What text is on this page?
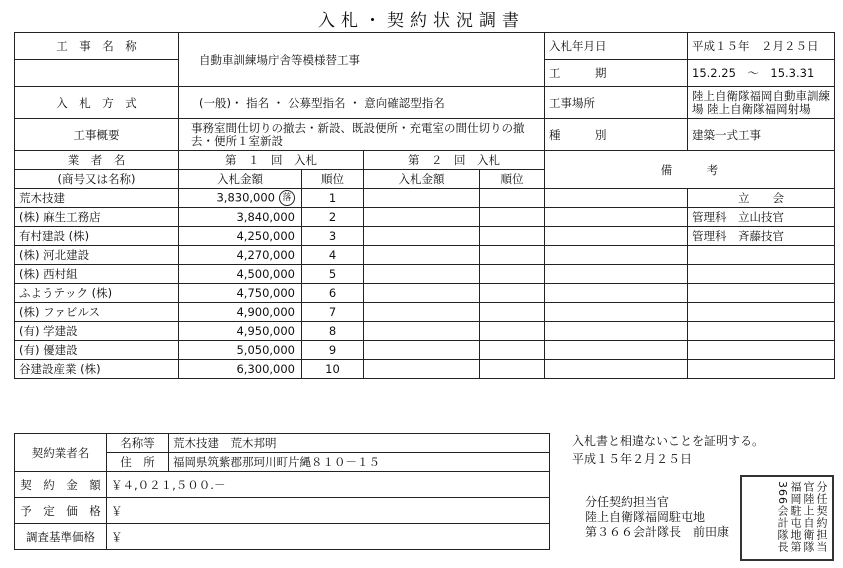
入札・契約状況調書
工　事　名　称	自動車訓練場庁舎等模様替工事				入札年月日	平成１５年　２月２５日
					工　　　期	15.2.25　～　15.3.31
入　札　方　式	(一般)・ 指名 ・ 公募型指名 ・ 意向確認型指名				工事場所	陸上自衛隊福岡自動車訓練場 陸上自衛隊福岡射場
工事概要	事務室間仕切りの撤去・新設、既設便所・充電室の間仕切りの撤去・便所１室新設				種　　　別	建築一式工事
業　者　名	第　１　回　入札		第　２　回　入札		備　　　考	
(商号又は名称)	入札金額	順位	入札金額	順位		
荒木技建	3,830,000 落	1				立　　会
(株) 麻生工務店	3,840,000	2				管理科　立山技官
有村建設 (株)	4,250,000	3				管理科　斉藤技官
(株) 河北建設	4,270,000	4				
(株) 西村組	4,500,000	5				
ふようテック (株)	4,750,000	6				
(株) ファビルス	4,900,000	7				
(有) 学建設	4,950,000	8				
(有) 優建設	5,050,000	9				
谷建設産業 (株)	6,300,000	10				
契約業者名	名称等	荒木技建　荒木邦明
	住　所	福岡県筑紫郡那珂川町片縄８１０－１５
契　約　金　額	￥４,０２１,５００.－	
予　定　価　格	￥	
調査基準価格	￥	
入札書と相違ないことを証明する。
平成１５年２月２５日
分任契約担当官
陸上自衛隊福岡駐屯地
第３６６会計隊長　前田康	分任契約担当官陸上自衛隊福岡駐屯地第366会計隊長
